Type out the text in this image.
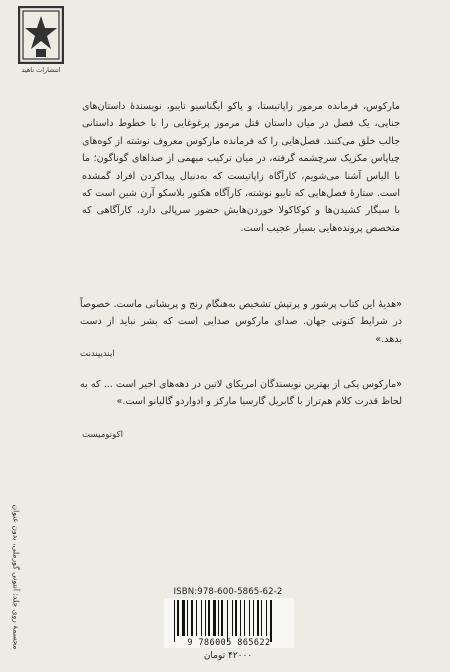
انتشارات ناهید
مارکوس، فرمانده مرموز زاپاتیستا، و پاکو ایگناسیو تایبو، نویسندهٔ داستان‌های جنایی، یک فصل در میان داستان قتل مرموز پرغوغایی را با خطوط داستانی جالب خلق می‌کنند. فصل‌هایی را که فرمانده مارکوس معروف نوشته از کوه‌های چیاپاس مکزیک سرچشمه گرفته، در میان ترکیب مبهمی از صداهای گوناگون؛ ما با الیاس آشنا می‌شویم، کارآگاه زاپاتیست که به‌دنبال پیداکردن افراد گمشده است. ستارهٔ فصل‌هایی که تایبو نوشته، کارآگاه هکتور بلاسکو آرن شین است که با سیگار کشیدن‌ها و کوکاکولا خوردن‌هایش حضور سرپالی دارد، کارآگاهی که متخصص پرونده‌هایی بسیار عجیب است.
«هدیهٔ این کتاب پرشور و پرتپش تشخیص به‌هنگام رنج و پریشانی ماست. خصوصاً در شرایط کنونی جهان. صدای مارکوس صدایی است که بشر نباید از دست بدهد.»
ایندیپندنت
«مارکوس یکی از بهترین نویسندگان امریکای لاتین در دهه‌های اخیر است ... که به لحاظ قدرت کلام هم‌تراز با گابریل گارسیا مارکز و ادواردو گالیانو است.»
اکونومیست
مجسمهٔ روی جلد: آنتونی گورملی، بدون عنوان	ISBN:978-600-5865-62-2
9 786005 865622
۴۲۰۰۰ تومان
